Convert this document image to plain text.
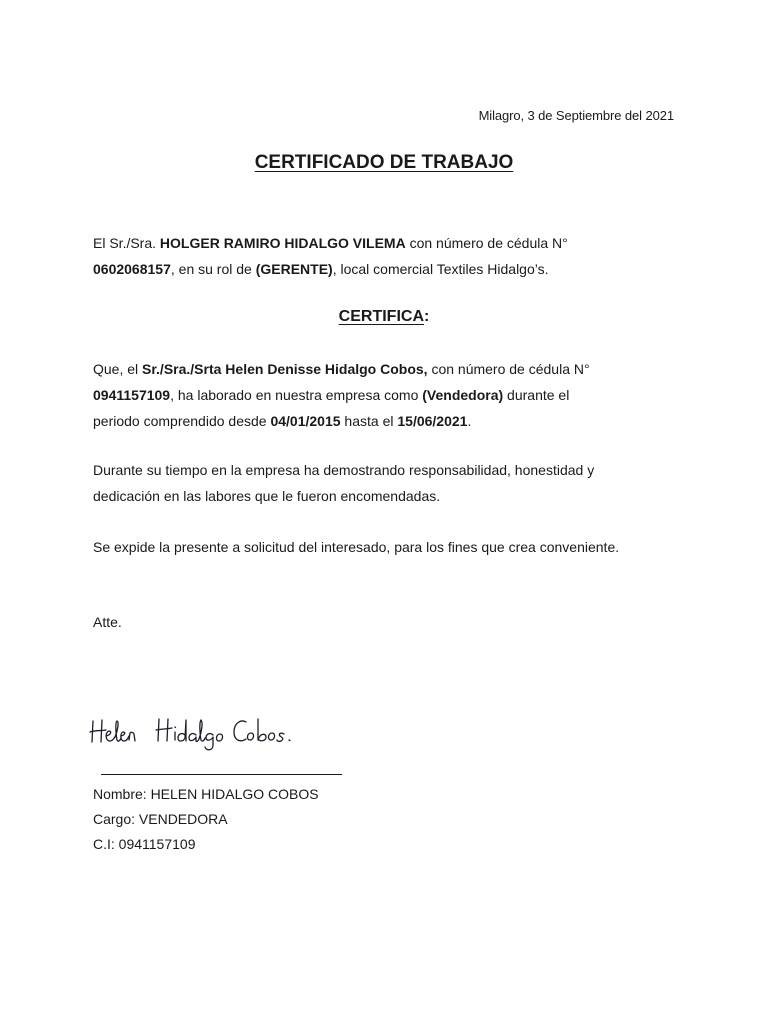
Milagro, 3 de Septiembre del 2021
CERTIFICADO DE TRABAJO
El Sr./Sra. HOLGER RAMIRO HIDALGO VILEMA con número de cédula N°
0602068157, en su rol de (GERENTE), local comercial Textiles Hidalgo’s.
CERTIFICA:
Que, el Sr./Sra./Srta Helen Denisse Hidalgo Cobos, con número de cédula N°
0941157109, ha laborado en nuestra empresa como (Vendedora) durante el
periodo comprendido desde 04/01/2015 hasta el 15/06/2021.
Durante su tiempo en la empresa ha demostrando responsabilidad, honestidad y
dedicación en las labores que le fueron encomendadas.
Se expide la presente a solicitud del interesado, para los fines que crea conveniente.
Atte.
Nombre: HELEN HIDALGO COBOS
Cargo: VENDEDORA
C.I: 0941157109
